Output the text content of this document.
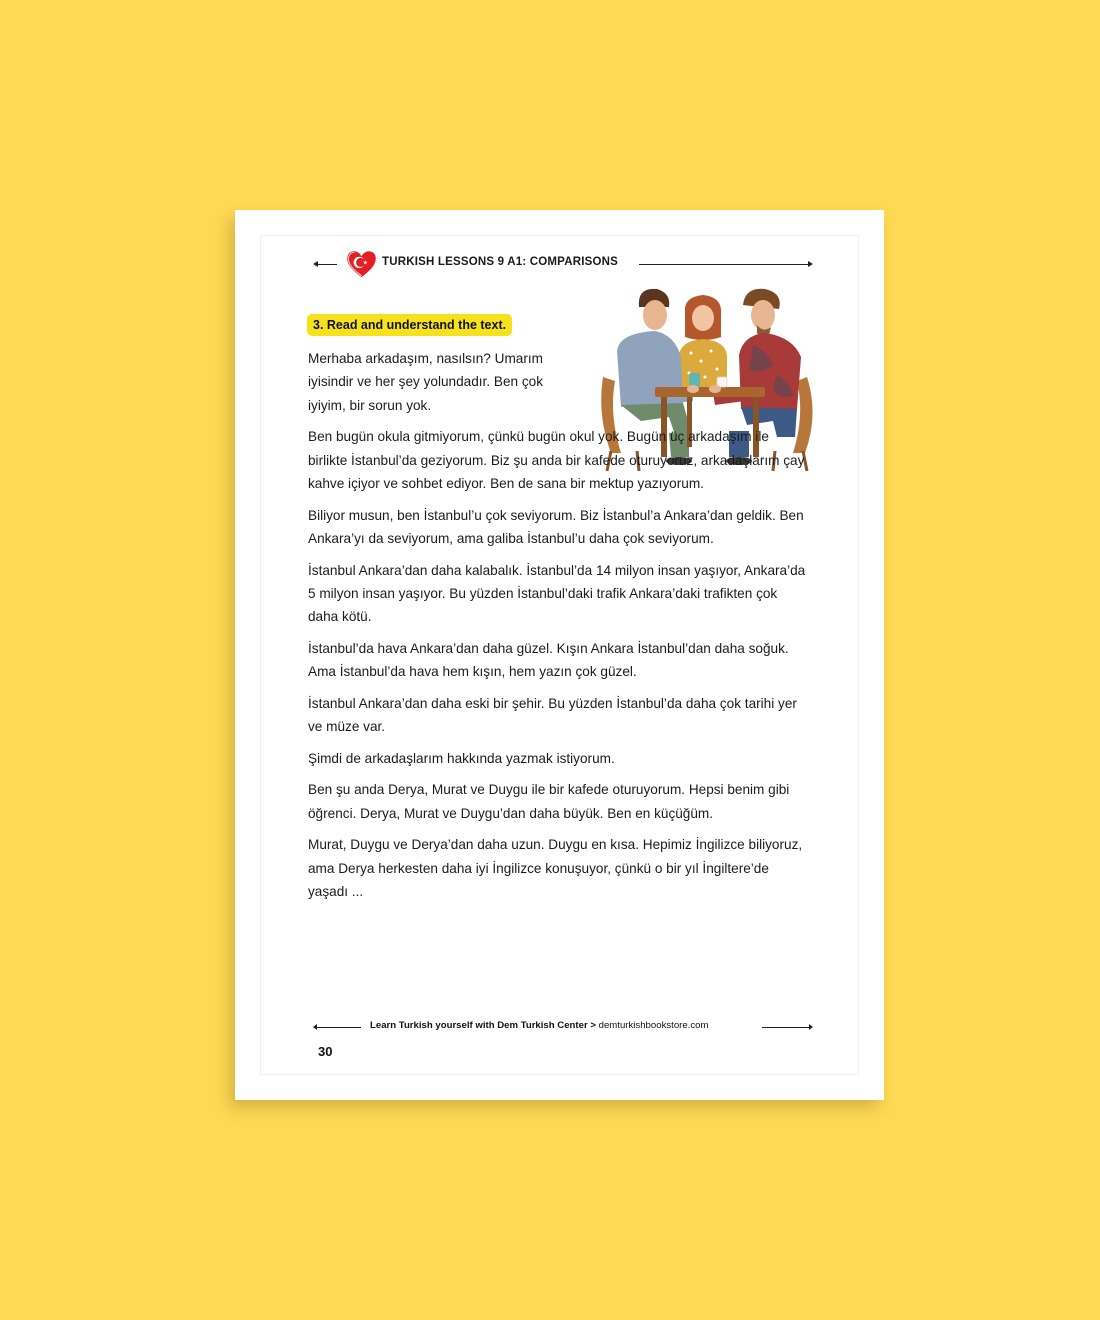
TURKISH LESSONS 9 A1: COMPARISONS
3. Read and understand the text.

Merhaba arkadaşım, nasılsın? Umarım iyisindir ve her şey yolundadır. Ben çok iyiyim, bir sorun yok.

Ben bugün okula gitmiyorum, çünkü bugün okul yok. Bugün üç arkadaşım ile birlikte İstanbul’da geziyorum. Biz şu anda bir kafede oturuyoruz, arkadaşlarım çay kahve içiyor ve sohbet ediyor. Ben de sana bir mektup yazıyorum.

Biliyor musun, ben İstanbul’u çok seviyorum. Biz İstanbul’a Ankara’dan geldik. Ben Ankara’yı da seviyorum, ama galiba İstanbul’u daha çok seviyorum.

İstanbul Ankara’dan daha kalabalık. İstanbul’da 14 milyon insan yaşıyor, Ankara’da 5 milyon insan yaşıyor. Bu yüzden İstanbul’daki trafik Ankara’daki trafikten çok daha kötü.

İstanbul’da hava Ankara’dan daha güzel. Kışın Ankara İstanbul’dan daha soğuk. Ama İstanbul’da hava hem kışın, hem yazın çok güzel.

İstanbul Ankara’dan daha eski bir şehir. Bu yüzden İstanbul’da daha çok tarihi yer ve müze var.

Şimdi de arkadaşlarım hakkında yazmak istiyorum.

Ben şu anda Derya, Murat ve Duygu ile bir kafede oturuyorum. Hepsi benim gibi öğrenci. Derya, Murat ve Duygu’dan daha büyük. Ben en küçüğüm.

Murat, Duygu ve Derya’dan daha uzun. Duygu en kısa. Hepimiz İngilizce biliyoruz, ama Derya herkesten daha iyi İngilizce konuşuyor, çünkü o bir yıl İngiltere’de yaşadı ...

Learn Turkish yourself with Dem Turkish Center > demturkishbookstore.com
30
